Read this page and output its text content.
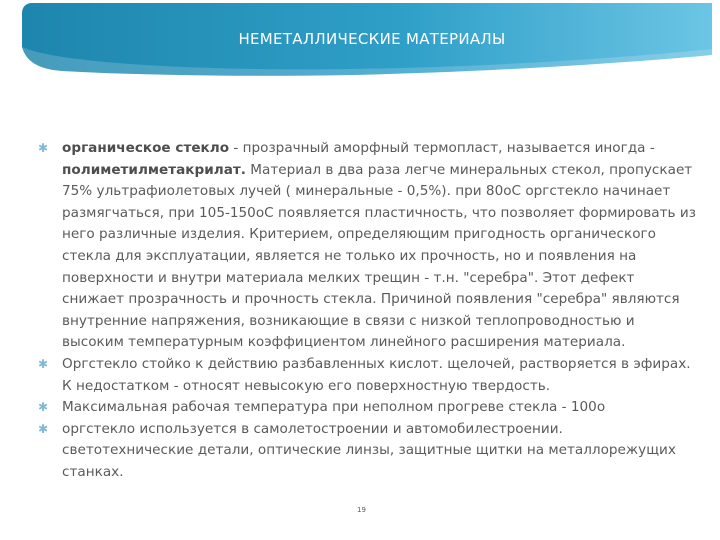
НЕМЕТАЛЛИЧЕСКИЕ МАТЕРИАЛЫ

✱ органическое стекло - прозрачный аморфный термопласт, называется иногда - полиметилметакрилат. Материал в два раза легче минеральных стекол, пропускает 75% ультрафиолетовых лучей ( минеральные - 0,5%). при 80оС оргстекло начинает размягчаться, при 105-150оС появляется пластичность, что позволяет формировать из него различные изделия. Критерием, определяющим пригодность органического стекла для эксплуатации, является не только их прочность, но и появления на поверхности и внутри материала мелких трещин - т.н. "серебра". Этот дефект снижает прозрачность и прочность стекла. Причиной появления "серебра" являются внутренние напряжения, возникающие в связи с низкой теплопроводностью и высоким температурным коэффициентом линейного расширения материала.

✱ Оргстекло стойко к действию разбавленных кислот. щелочей, растворяется в эфирах. К недостатком - относят невысокую его поверхностную твердость.

✱ Максимальная рабочая температура при неполном прогреве стекла - 100о

✱ оргстекло используется в самолетостроении и автомобилестроении. светотехнические детали, оптические линзы, защитные щитки на металлорежущих станках.

19
